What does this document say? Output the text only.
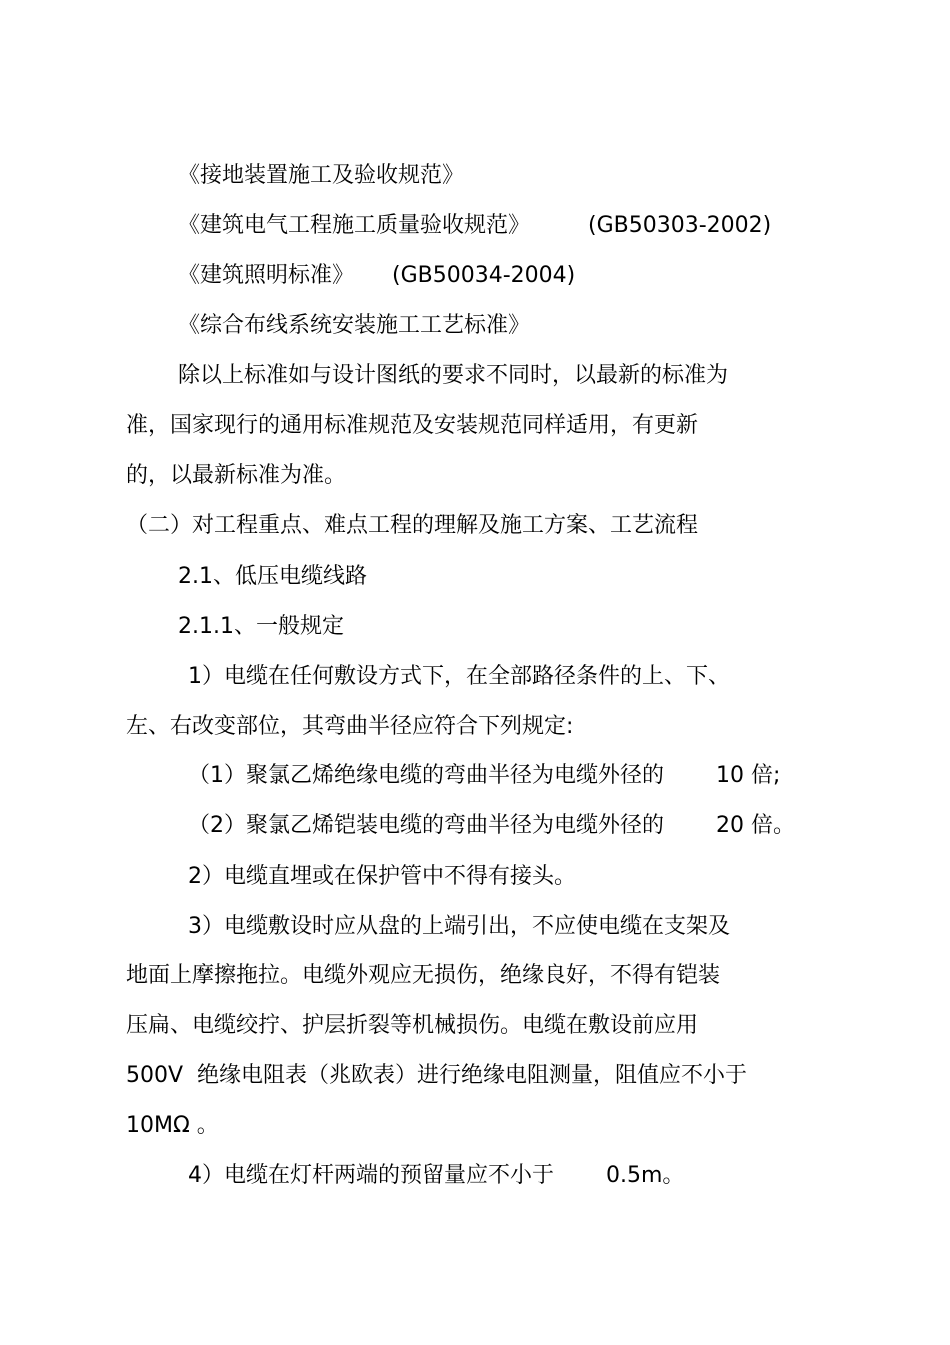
《接地装置施工及验收规范》
《建筑电气工程施工质量验收规范》	(GB50303-2002)
《建筑照明标准》 (GB50034-2004)
《综合布线系统安装施工工艺标准》
除以上标准如与设计图纸的要求不同时，以最新的标准为
准，国家现行的通用标准规范及安装规范同样适用，有更新
的，以最新标准为准。
（二）对工程重点、难点工程的理解及施工方案、工艺流程
2.1、低压电缆线路
2.1.1、一般规定
1）电缆在任何敷设方式下，在全部路径条件的上、下、
左、右改变部位，其弯曲半径应符合下列规定:
（1）聚氯乙烯绝缘电缆的弯曲半径为电缆外径的 10 倍;
（2）聚氯乙烯铠装电缆的弯曲半径为电缆外径的 20 倍。
2）电缆直埋或在保护管中不得有接头。
3）电缆敷设时应从盘的上端引出，不应使电缆在支架及
地面上摩擦拖拉。电缆外观应无损伤，绝缘良好，不得有铠装
压扁、电缆绞拧、护层折裂等机械损伤。电缆在敷设前应用
500V 绝缘电阻表（兆欧表）进行绝缘电阻测量，阻值应不小于
10MΩ 。
4）电缆在灯杆两端的预留量应不小于 0.5m。
